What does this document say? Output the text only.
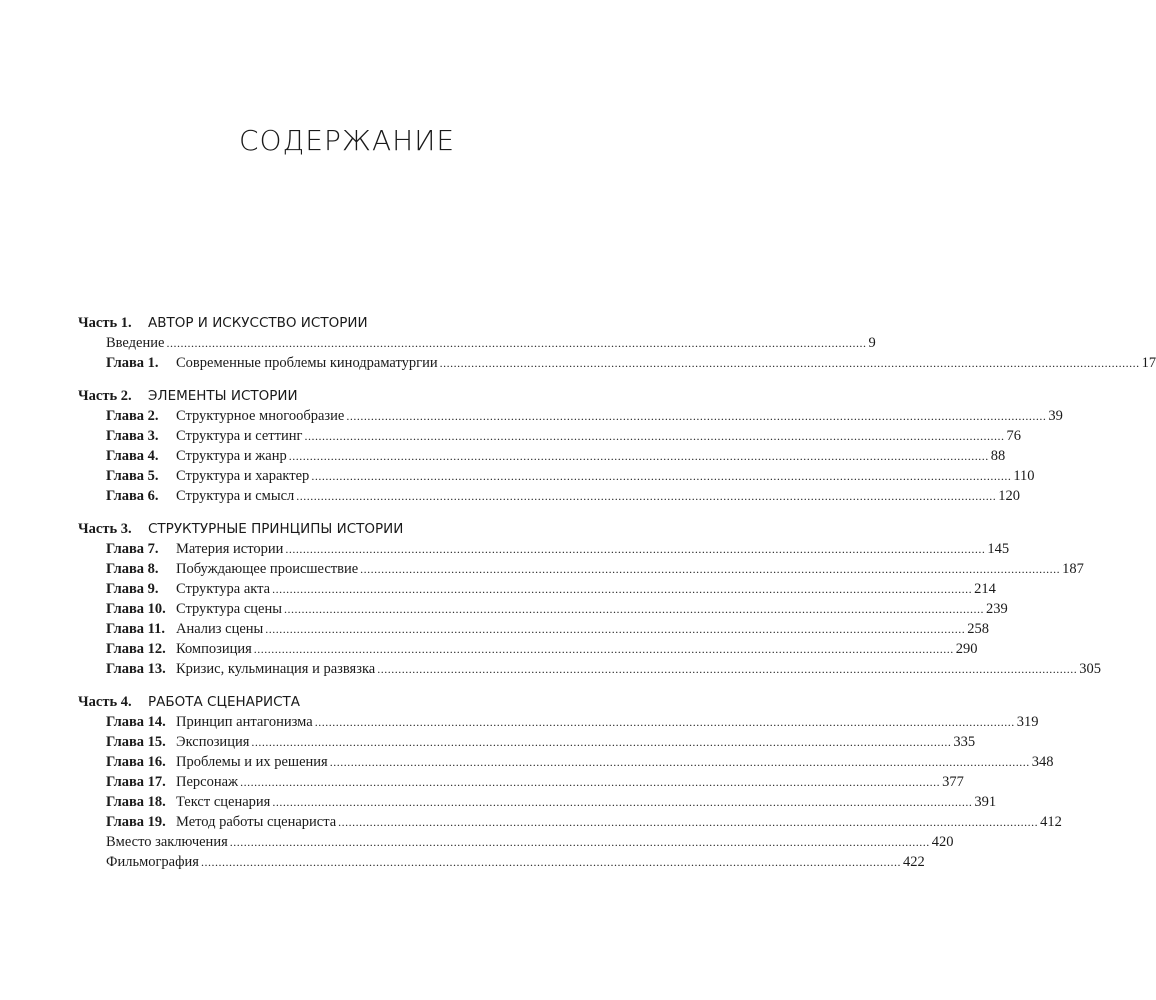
СОДЕРЖАНИЕ
Часть 1.	АВТОР И ИСКУССТВО ИСТОРИИ
Введение ........................................................................................................................................................................................................ 9
Глава 1.	Современные проблемы кинодраматургии ........................................................................................................................................................................................................ 17
Часть 2.	ЭЛЕМЕНТЫ ИСТОРИИ
Глава 2.	Структурное многообразие ........................................................................................................................................................................................................ 39
Глава 3.	Структура и сеттинг ........................................................................................................................................................................................................ 76
Глава 4.	Структура и жанр ........................................................................................................................................................................................................ 88
Глава 5.	Структура и характер ........................................................................................................................................................................................................ 110
Глава 6.	Структура и смысл ........................................................................................................................................................................................................ 120
Часть 3.	СТРУКТУРНЫЕ ПРИНЦИПЫ ИСТОРИИ
Глава 7.	Материя истории ........................................................................................................................................................................................................ 145
Глава 8.	Побуждающее происшествие ........................................................................................................................................................................................................ 187
Глава 9.	Структура акта ........................................................................................................................................................................................................ 214
Глава 10. Структура сцены ........................................................................................................................................................................................................ 239
Глава 11. Анализ сцены ........................................................................................................................................................................................................ 258
Глава 12. Композиция ........................................................................................................................................................................................................ 290
Глава 13. Кризис, кульминация и развязка ........................................................................................................................................................................................................ 305
Часть 4.	РАБОТА СЦЕНАРИСТА
Глава 14. Принцип антагонизма ........................................................................................................................................................................................................ 319
Глава 15. Экспозиция ........................................................................................................................................................................................................ 335
Глава 16. Проблемы и их решения ........................................................................................................................................................................................................ 348
Глава 17. Персонаж ........................................................................................................................................................................................................ 377
Глава 18. Текст сценария ........................................................................................................................................................................................................ 391
Глава 19. Метод работы сценариста ........................................................................................................................................................................................................ 412
Вместо заключения ........................................................................................................................................................................................................ 420
Фильмография ........................................................................................................................................................................................................ 422
